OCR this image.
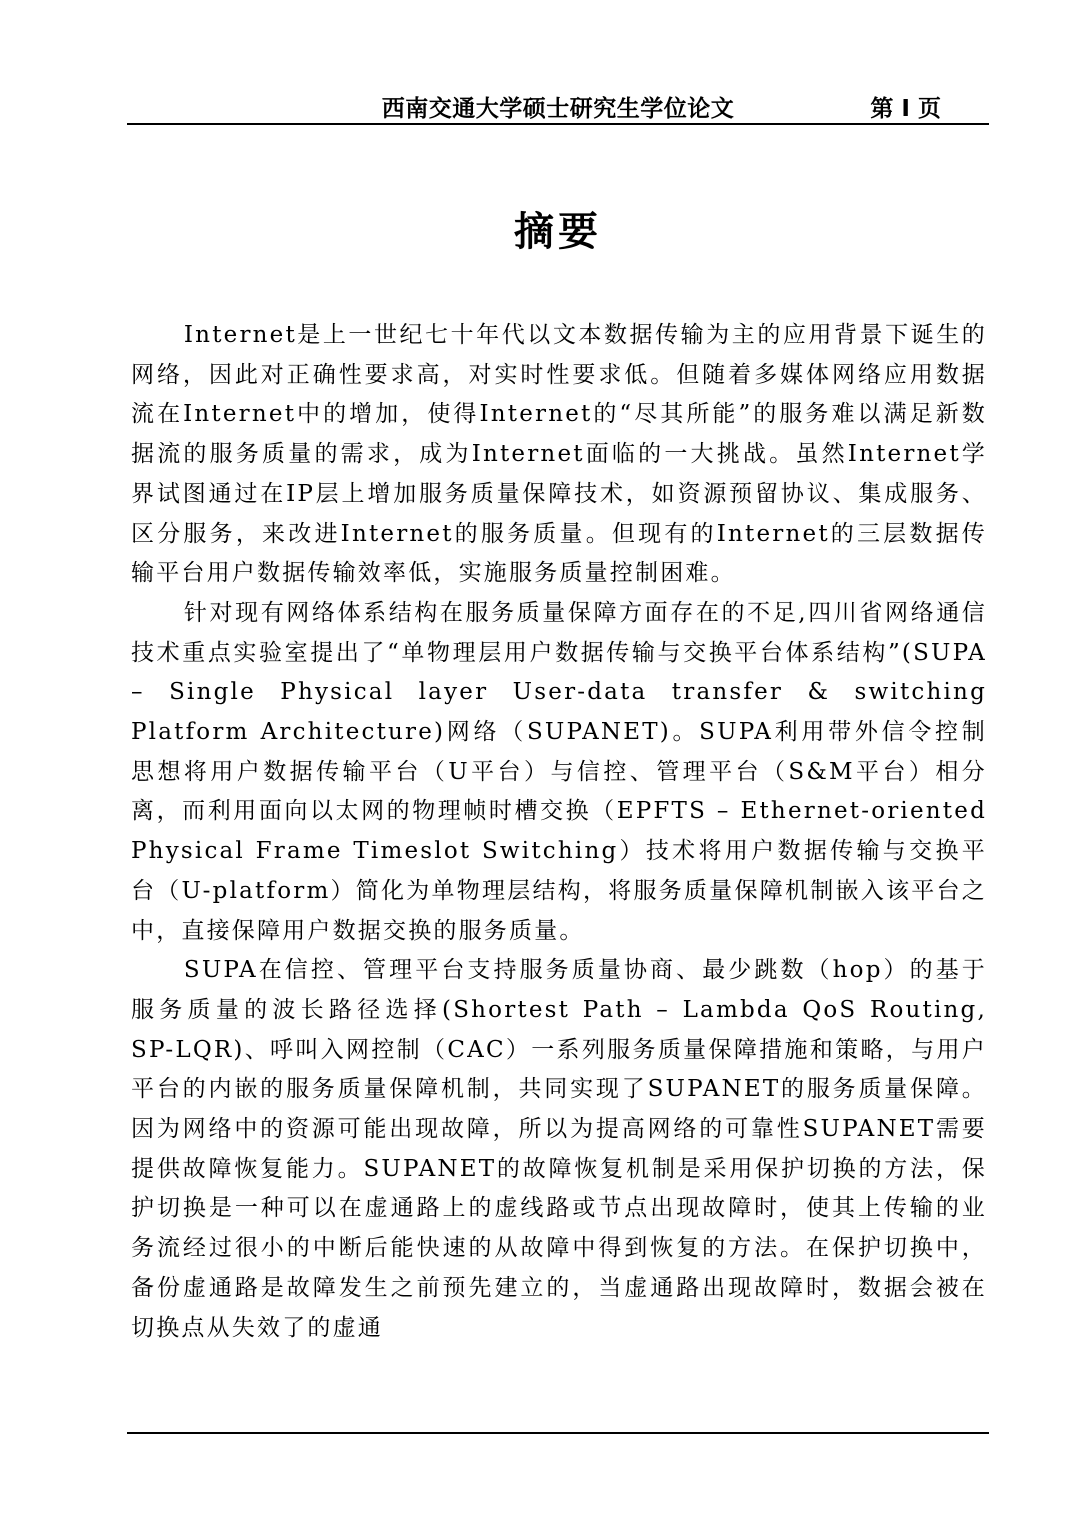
西南交通大学硕士研究生学位论文	第 I 页
摘要

Internet是上一世纪七十年代以文本数据传输为主的应用背景下诞生的网络，因此对正确性要求高，对实时性要求低。但随着多媒体网络应用数据流在Internet中的增加，使得Internet的“尽其所能”的服务难以满足新数据流的服务质量的需求，成为Internet面临的一大挑战。虽然Internet学界试图通过在IP层上增加服务质量保障技术，如资源预留协议、集成服务、区分服务，来改进Internet的服务质量。但现有的Internet的三层数据传输平台用户数据传输效率低，实施服务质量控制困难。

针对现有网络体系结构在服务质量保障方面存在的不足,四川省网络通信技术重点实验室提出了“单物理层用户数据传输与交换平台体系结构”(SUPA – Single Physical layer User-data transfer & switching Platform Architecture)网络（SUPANET)。SUPA利用带外信令控制思想将用户数据传输平台（U平台）与信控、管理平台（S&M平台）相分离，而利用面向以太网的物理帧时槽交换（EPFTS – Ethernet-oriented Physical Frame Timeslot Switching）技术将用户数据传输与交换平台（U-platform）简化为单物理层结构，将服务质量保障机制嵌入该平台之中，直接保障用户数据交换的服务质量。

SUPA在信控、管理平台支持服务质量协商、最少跳数（hop）的基于服务质量的波长路径选择(Shortest Path – Lambda QoS Routing, SP-LQR)、呼叫入网控制（CAC）一系列服务质量保障措施和策略，与用户平台的内嵌的服务质量保障机制，共同实现了SUPANET的服务质量保障。因为网络中的资源可能出现故障，所以为提高网络的可靠性SUPANET需要提供故障恢复能力。SUPANET的故障恢复机制是采用保护切换的方法，保护切换是一种可以在虚通路上的虚线路或节点出现故障时，使其上传输的业务流经过很小的中断后能快速的从故障中得到恢复的方法。在保护切换中，备份虚通路是故障发生之前预先建立的，当虚通路出现故障时，数据会被在切换点从失效了的虚通
